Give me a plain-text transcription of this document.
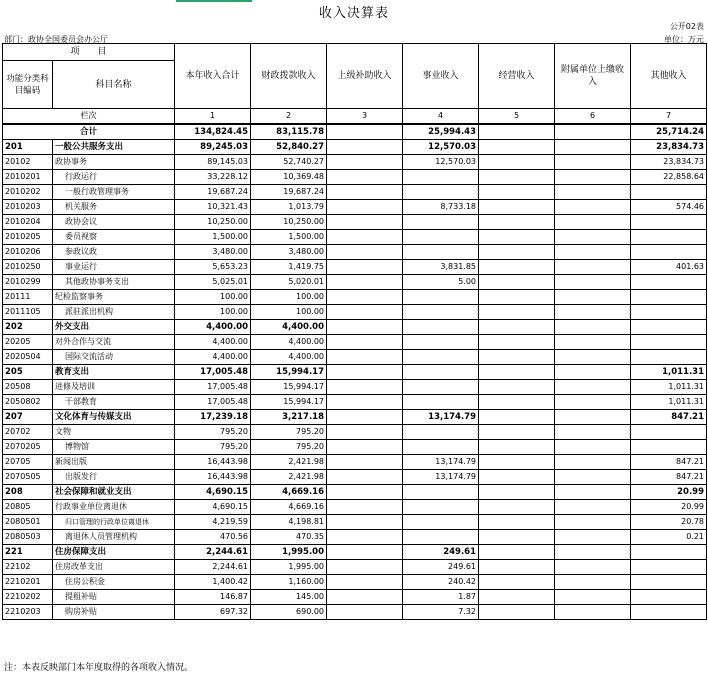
收入决算表
公开02表
部门：政协全国委员会办公厅	单位：万元
项　　目		本年收入合计	财政拨款收入	上级补助收入	事业收入	经营收入	附属单位上缴收入	其他收入
功能分类科目编码	科目名称							
栏次		1	2	3	4	5	6	7
合计		134,824.45	83,115.78		25,994.43			25,714.24
201	一般公共服务支出	89,245.03	52,840.27		12,570.03			23,834.73
20102	政协事务	89,145.03	52,740.27		12,570.03			23,834.73
2010201	行政运行	33,228.12	10,369.48					22,858.64
2010202	一般行政管理事务	19,687.24	19,687.24					
2010203	机关服务	10,321.43	1,013.79		8,733.18			574.46
2010204	政协会议	10,250.00	10,250.00					
2010205	委员视察	1,500.00	1,500.00					
2010206	参政议政	3,480.00	3,480.00					
2010250	事业运行	5,653.23	1,419.75		3,831.85			401.63
2010299	其他政协事务支出	5,025.01	5,020.01		5.00			
20111	纪检监察事务	100.00	100.00					
2011105	派驻派出机构	100.00	100.00					
202	外交支出	4,400.00	4,400.00					
20205	对外合作与交流	4,400.00	4,400.00					
2020504	国际交流活动	4,400.00	4,400.00					
205	教育支出	17,005.48	15,994.17					1,011.31
20508	进修及培训	17,005.48	15,994.17					1,011.31
2050802	干部教育	17,005.48	15,994.17					1,011.31
207	文化体育与传媒支出	17,239.18	3,217.18		13,174.79			847.21
20702	文物	795.20	795.20					
2070205	博物馆	795.20	795.20					
20705	新闻出版	16,443.98	2,421.98		13,174.79			847.21
2070505	出版发行	16,443.98	2,421.98		13,174.79			847.21
208	社会保障和就业支出	4,690.15	4,669.16					20.99
20805	行政事业单位离退休	4,690.15	4,669.16					20.99
2080501	归口管理的行政单位离退休	4,219.59	4,198.81					20.78
2080503	离退休人员管理机构	470.56	470.35					0.21
221	住房保障支出	2,244.61	1,995.00		249.61			
22102	住房改革支出	2,244.61	1,995.00		249.61			
2210201	住房公积金	1,400.42	1,160.00		240.42			
2210202	提租补贴	146.87	145.00		1.87			
2210203	购房补贴	697.32	690.00		7.32			
注：本表反映部门本年度取得的各项收入情况。
